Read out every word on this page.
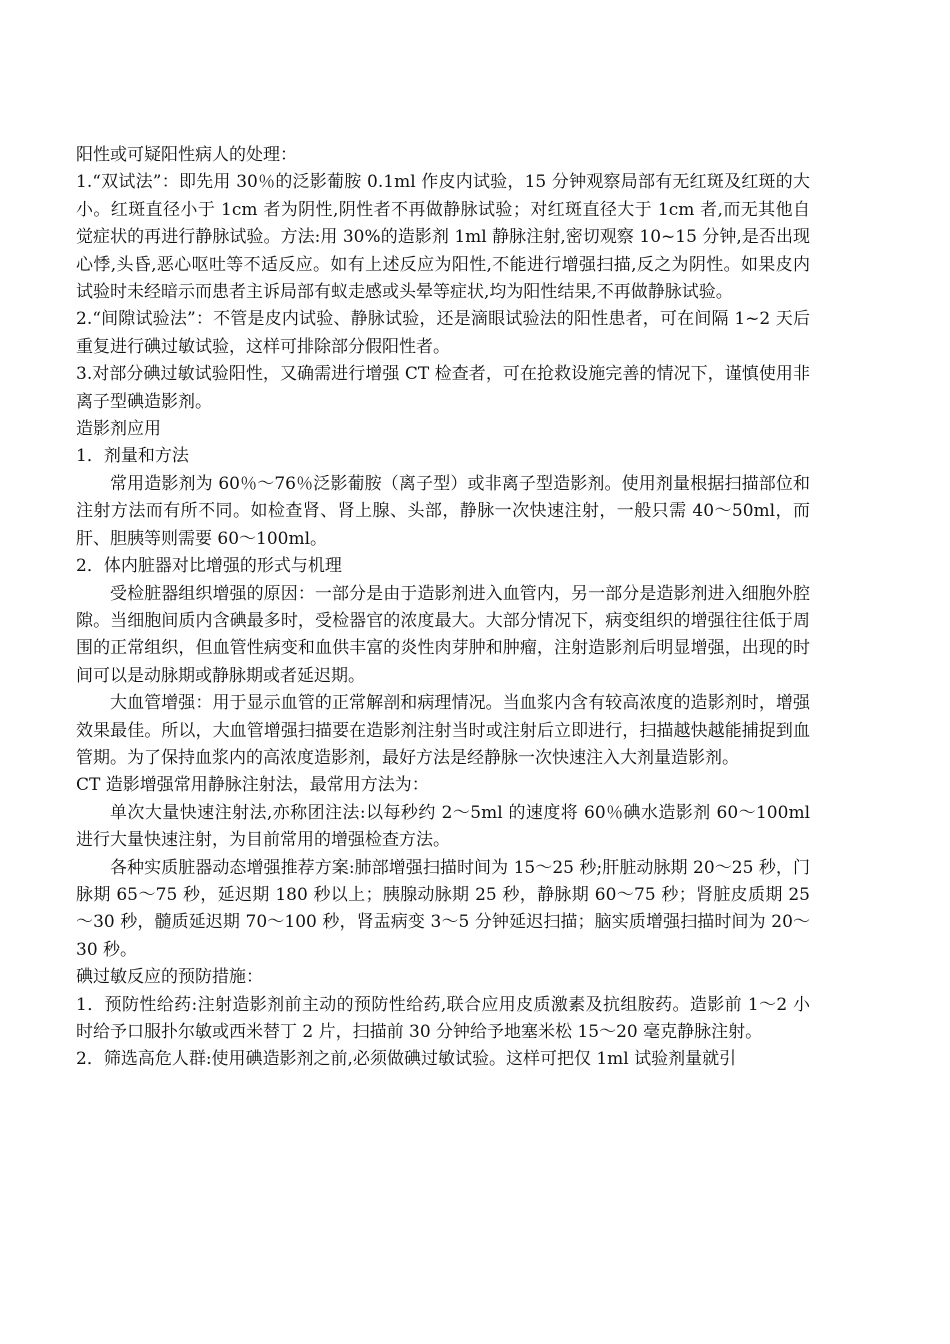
阳性或可疑阳性病人的处理：

1.“双试法”：即先用 30％的泛影葡胺 0.1ml 作皮内试验，15 分钟观察局部有无红斑及红斑的大小。红斑直径小于 1cm 者为阴性,阴性者不再做静脉试验；对红斑直径大于 1cm 者,而无其他自觉症状的再进行静脉试验。方法:用 30%的造影剂 1ml 静脉注射,密切观察 10~15 分钟,是否出现心悸,头昏,恶心呕吐等不适反应。如有上述反应为阳性,不能进行增强扫描,反之为阴性。如果皮内试验时未经暗示而患者主诉局部有蚁走感或头晕等症状,均为阳性结果,不再做静脉试验。

2.“间隙试验法”：不管是皮内试验、静脉试验，还是滴眼试验法的阳性患者，可在间隔 1~2 天后重复进行碘过敏试验，这样可排除部分假阳性者。

3.对部分碘过敏试验阳性，又确需进行增强 CT 检查者，可在抢救设施完善的情况下，谨慎使用非离子型碘造影剂。

造影剂应用

1．剂量和方法

常用造影剂为 60％～76％泛影葡胺（离子型）或非离子型造影剂。使用剂量根据扫描部位和注射方法而有所不同。如检查肾、肾上腺、头部，静脉一次快速注射，一般只需 40～50ml，而肝、胆胰等则需要 60～100ml。

2．体内脏器对比增强的形式与机理

受检脏器组织增强的原因：一部分是由于造影剂进入血管内，另一部分是造影剂进入细胞外腔隙。当细胞间质内含碘最多时，受检器官的浓度最大。大部分情况下，病变组织的增强往往低于周围的正常组织，但血管性病变和血供丰富的炎性肉芽肿和肿瘤，注射造影剂后明显增强，出现的时间可以是动脉期或静脉期或者延迟期。

大血管增强：用于显示血管的正常解剖和病理情况。当血浆内含有较高浓度的造影剂时，增强效果最佳。所以，大血管增强扫描要在造影剂注射当时或注射后立即进行，扫描越快越能捕捉到血管期。为了保持血浆内的高浓度造影剂，最好方法是经静脉一次快速注入大剂量造影剂。

CT 造影增强常用静脉注射法，最常用方法为：

单次大量快速注射法,亦称团注法:以每秒约 2～5ml 的速度将 60％碘水造影剂 60～100ml 进行大量快速注射，为目前常用的增强检查方法。

各种实质脏器动态增强推荐方案:肺部增强扫描时间为 15～25 秒;肝脏动脉期 20～25 秒，门脉期 65～75 秒，延迟期 180 秒以上；胰腺动脉期 25 秒，静脉期 60～75 秒；肾脏皮质期 25～30 秒，髓质延迟期 70～100 秒，肾盂病变 3～5 分钟延迟扫描；脑实质增强扫描时间为 20～30 秒。

碘过敏反应的预防措施：

1．预防性给药:注射造影剂前主动的预防性给药,联合应用皮质激素及抗组胺药。造影前 1～2 小时给予口服扑尔敏或西米替丁 2 片，扫描前 30 分钟给予地塞米松 15～20 毫克静脉注射。

2．筛选高危人群:使用碘造影剂之前,必须做碘过敏试验。这样可把仅 1ml 试验剂量就引
